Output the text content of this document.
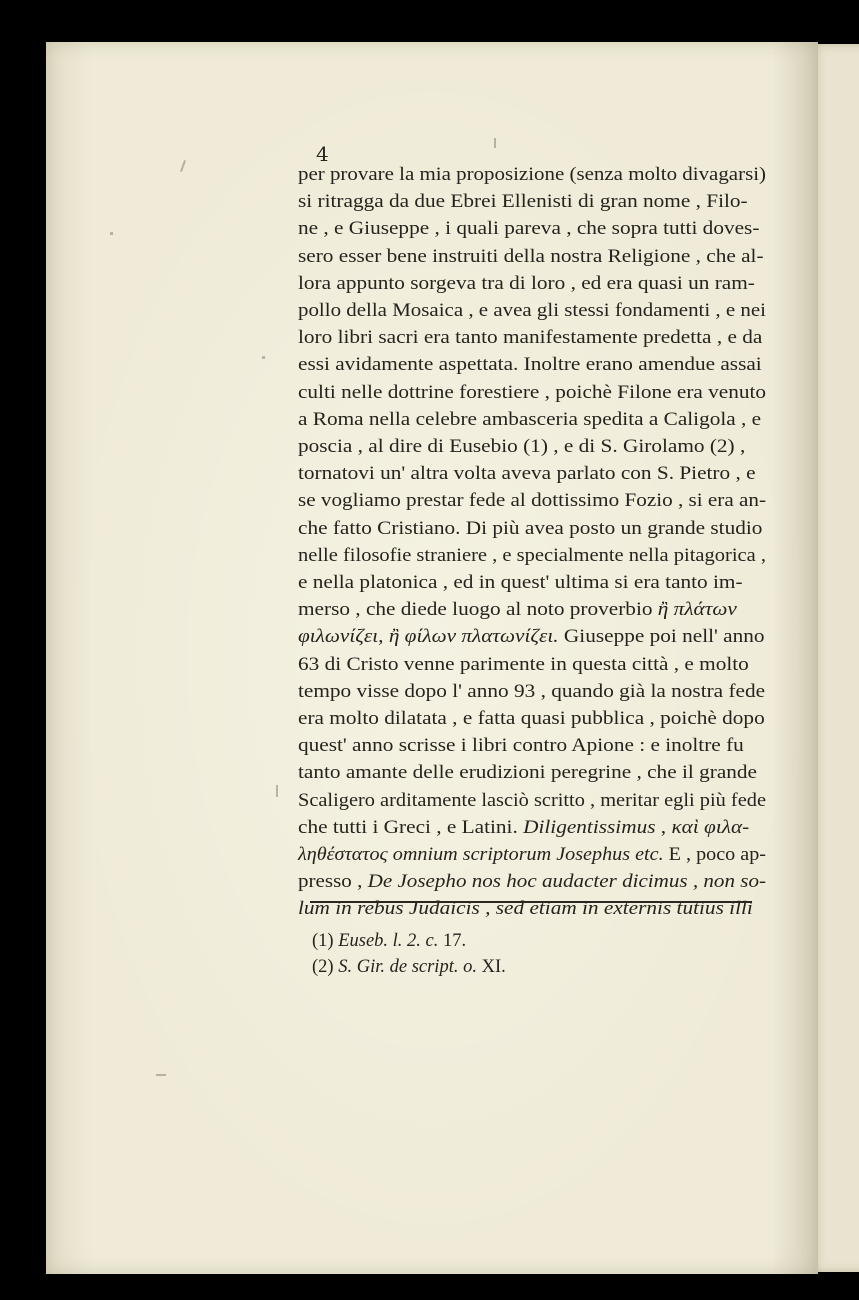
4
per provare la mia proposizione (senza molto divagarsi)
si ritragga da due Ebrei Ellenisti di gran nome , Filo-
ne , e Giuseppe , i quali pareva , che sopra tutti doves-
sero esser bene instruiti della nostra Religione , che al-
lora appunto sorgeva tra di loro , ed era quasi un ram-
pollo della Mosaica , e avea gli stessi fondamenti , e nei
loro libri sacri era tanto manifestamente predetta , e da
essi avidamente aspettata. Inoltre erano amendue assai
culti nelle dottrine forestiere , poichè Filone era venuto
a Roma nella celebre ambasceria spedita a Caligola , e
poscia , al dire di Eusebio (1) , e di S. Girolamo (2) ,
tornatovi un' altra volta aveva parlato con S. Pietro , e
se vogliamo prestar fede al dottissimo Fozio , si era an-
che fatto Cristiano. Di più avea posto un grande studio
nelle filosofie straniere , e specialmente nella pitagorica ,
e nella platonica , ed in quest' ultima si era tanto im-
merso , che diede luogo al noto proverbio ἢ πλάτων
φιλωνίζει, ἢ φίλων πλατωνίζει. Giuseppe poi nell' anno
63 di Cristo venne parimente in questa città , e molto
tempo visse dopo l' anno 93 , quando già la nostra fede
era molto dilatata , e fatta quasi pubblica , poichè dopo
quest' anno scrisse i libri contro Apione : e inoltre fu
tanto amante delle erudizioni peregrine , che il grande
Scaligero arditamente lasciò scritto , meritar egli più fede
che tutti i Greci , e Latini. Diligentissimus , καὶ φιλα-
ληθέστατος omnium scriptorum Josephus etc. E , poco ap-
presso , De Josepho nos hoc audacter dicimus , non so-
lum in rebus Judaicis , sed etiam in externis tutius illi
(1) Euseb. l. 2. c. 17.
(2) S. Gir. de script. o. XI.
